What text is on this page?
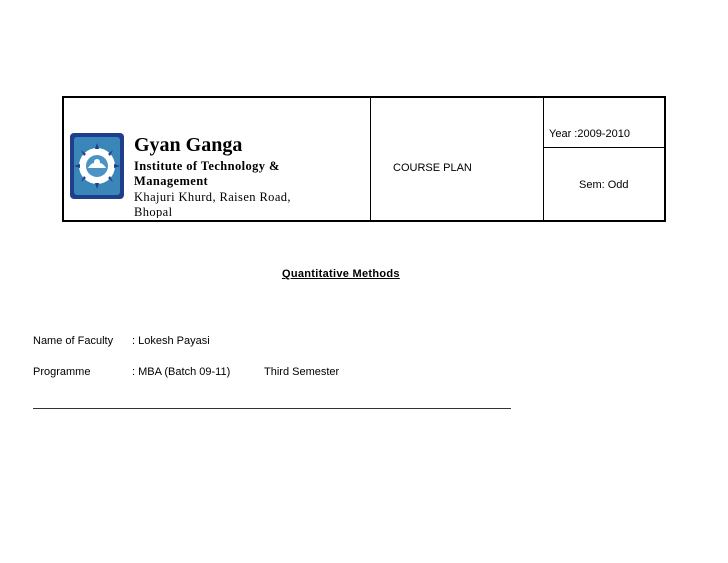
Gyan Ganga
Institute of Technology & Management
Khajuri Khurd, Raisen Road, Bhopal
COURSE PLAN
Year :2009-2010
Sem: Odd
Quantitative Methods
Name of Faculty : Lokesh Payasi
Programme	: MBA (Batch 09-11)	Third Semester
